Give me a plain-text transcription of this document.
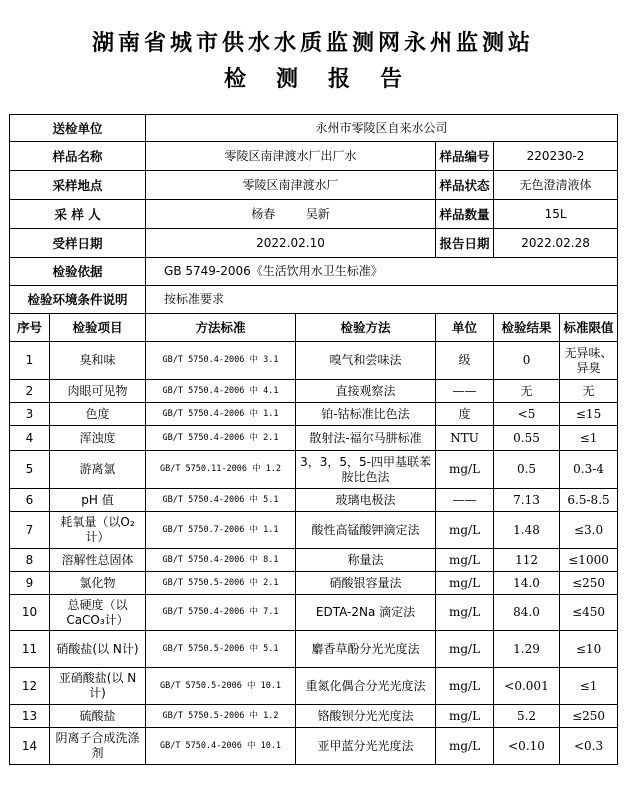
湖南省城市供水水质监测网永州监测站
检测报告
送检单位		永州市零陵区自来水公司				
样品名称		零陵区南津渡水厂出厂水		样品编号	220230-2	
采样地点		零陵区南津渡水厂		样品状态	无色澄清液体	
采 样 人		杨春        吴新		样品数量	15L	
受样日期		2022.02.10		报告日期	2022.02.28	
检验依据		GB 5749-2006《生活饮用水卫生标准》				
检验环境条件说明		按标准要求				
序号	检验项目	方法标准	检验方法	单位	检验结果	标准限值
1	臭和味	GB/T 5750.4-2006 中 3.1	嗅气和尝味法	级	0	无异味、异臭
2	肉眼可见物	GB/T 5750.4-2006 中 4.1	直接观察法	——	无	无
3	色度	GB/T 5750.4-2006 中 1.1	铂-钴标准比色法	度	<5	≤15
4	浑浊度	GB/T 5750.4-2006 中 2.1	散射法-福尔马肼标准	NTU	0.55	≤1
5	游离氯	GB/T 5750.11-2006 中 1.2	3，3，5，5-四甲基联苯胺比色法	mg/L	0.5	0.3-4
6	pH 值	GB/T 5750.4-2006 中 5.1	玻璃电极法	——	7.13	6.5-8.5
7	耗氧量（以O₂计）	GB/T 5750.7-2006 中 1.1	酸性高锰酸钾滴定法	mg/L	1.48	≤3.0
8	溶解性总固体	GB/T 5750.4-2006 中 8.1	称量法	mg/L	112	≤1000
9	氯化物	GB/T 5750.5-2006 中 2.1	硝酸银容量法	mg/L	14.0	≤250
10	总硬度（以CaCO₃计）	GB/T 5750.4-2006 中 7.1	EDTA-2Na 滴定法	mg/L	84.0	≤450
11	硝酸盐(以 N计)	GB/T 5750.5-2006 中 5.1	麝香草酚分光光度法	mg/L	1.29	≤10
12	亚硝酸盐(以 N计)	GB/T 5750.5-2006 中 10.1	重氮化偶合分光光度法	mg/L	<0.001	≤1
13	硫酸盐	GB/T 5750.5-2006 中 1.2	铬酸钡分光光度法	mg/L	5.2	≤250
14	阴离子合成洗涤剂	GB/T 5750.4-2006 中 10.1	亚甲蓝分光光度法	mg/L	<0.10	<0.3
